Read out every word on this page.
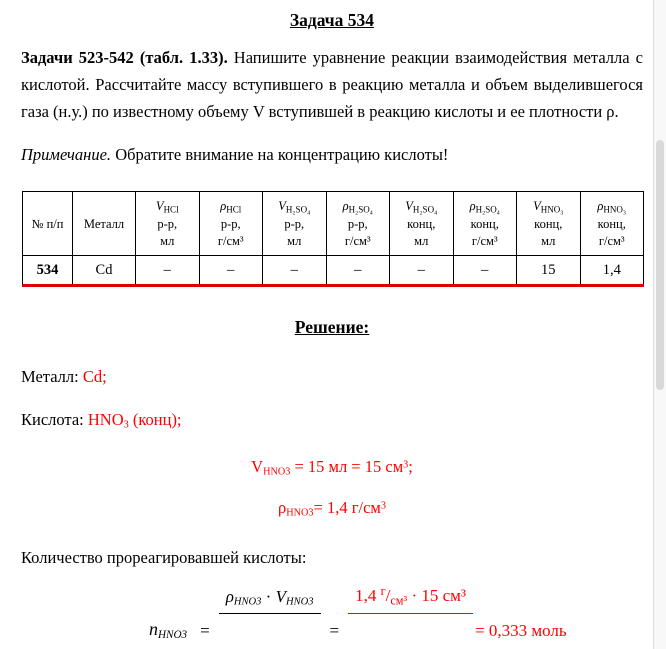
Задача 534

Задачи 523-542 (табл. 1.33). Напишите уравнение реакции взаимодействия металла с кислотой. Рассчитайте массу вступившего в реакцию металла и объем выделившегося газа (н.у.) по известному объему V вступившей в реакцию кислоты и ее плотности ρ.

Примечание. Обратите внимание на концентрацию кислоты!

№ п/п	Металл	$V_{HCl}$
р-р,
мл	$\rho_{HCl}$
р-р,
г/см³	$V_{H_2SO_4}$
р-р,
мл	$\rho_{H_2SO_4}$
р-р,
г/см³	$V_{H_2SO_4}$
конц,
мл	$\rho_{H_2SO_4}$
конц,
г/см³	$V_{HNO_3}$
конц,
мл	$\rho_{HNO_3}$
конц,
г/см³

534	Cd	–	–	–	–	–	–	15	1,4
Решение:

Металл: Cd;

Кислота: $HNO_3$ (конц);

$V_{HNO3} = 15$ мл = 15 $см^3$;

$\rho_{HNO3}= 1,4$ $г/см^3$

Количество прореагировавшей кислоты:

$n_{HNO3}$ =
$\rho_{HNO3} \cdot V_{HNO3}$
=
1,4 $^г/_{см^3} \cdot 15$ см³
= 0,333 моль
